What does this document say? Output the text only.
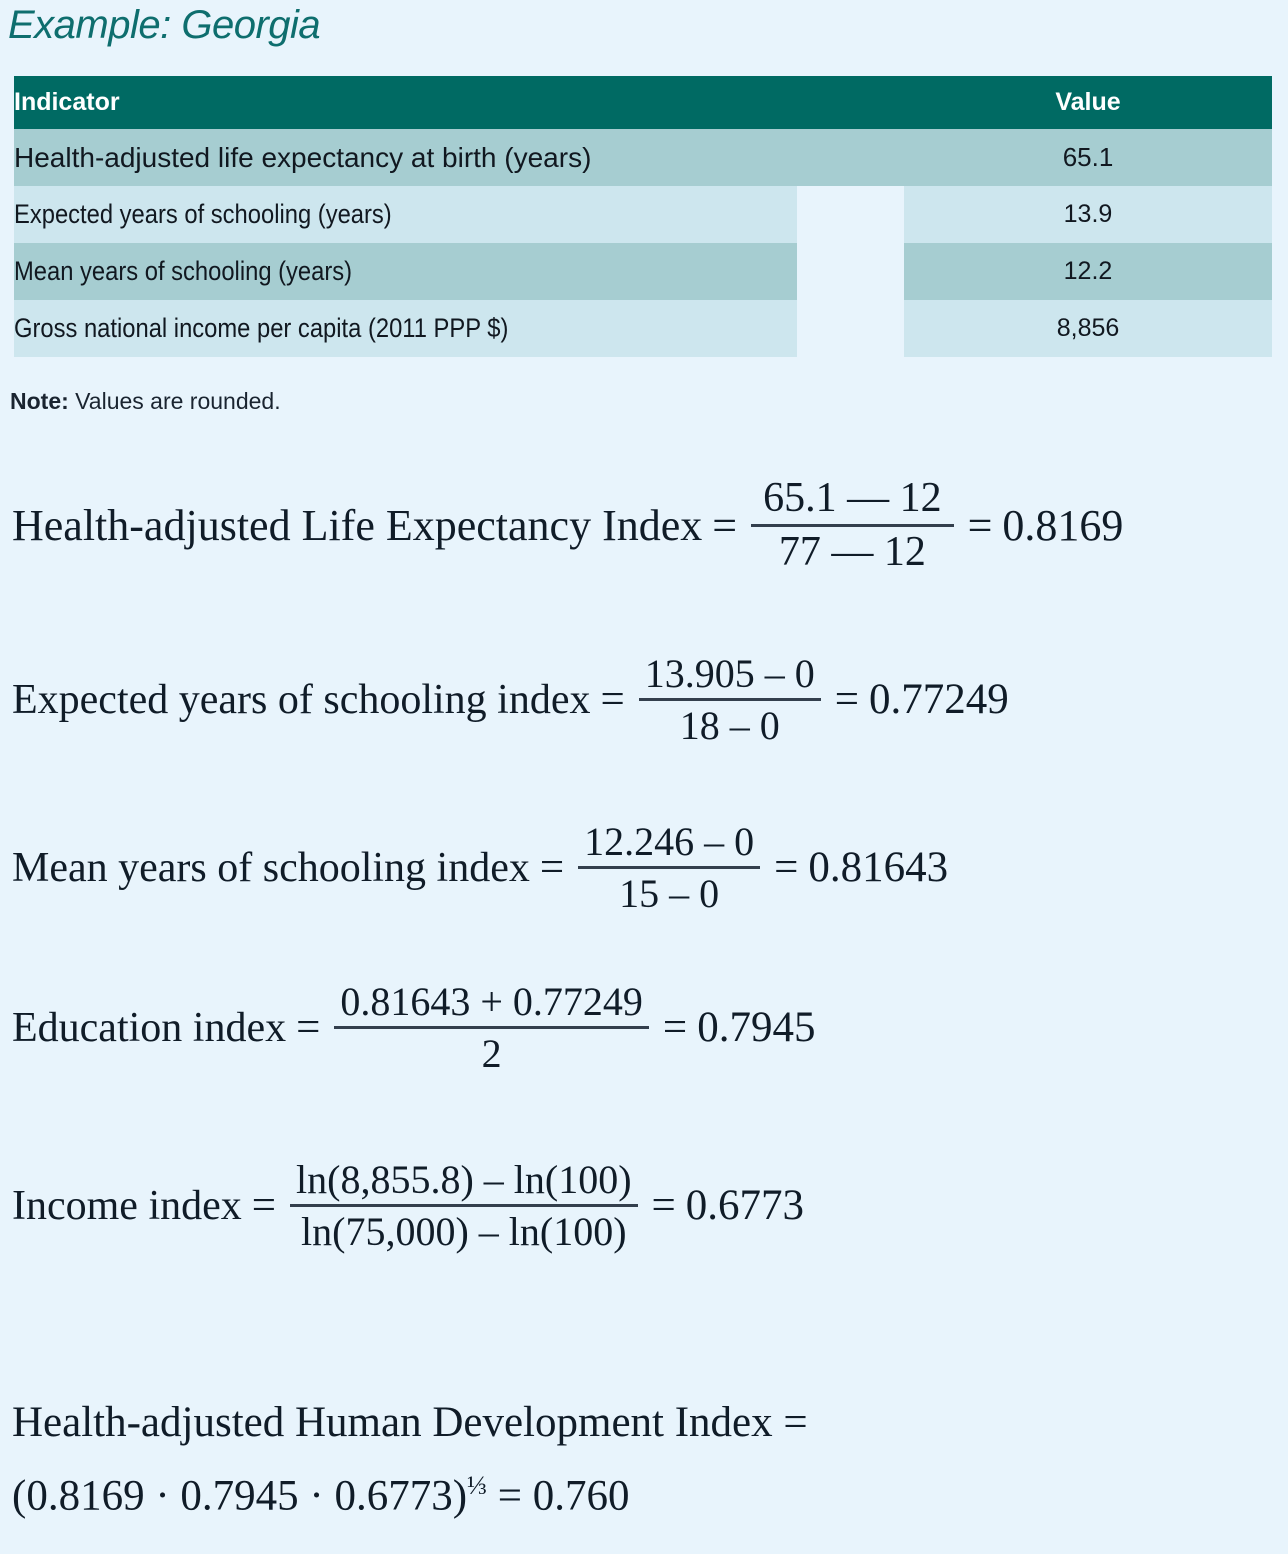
Example: Georgia
Indicator	Value
Health-adjusted life expectancy at birth (years)	65.1
Expected years of schooling (years)	13.9
Mean years of schooling (years)	12.2
Gross national income per capita (2011 PPP $)	8,856
Note: Values are rounded.
Health-adjusted Life Expectancy Index = $\frac{65.1 — 12}{77 — 12} = 0.8169$
Expected years of schooling index = $\frac{13.905 - 0}{18 - 0} = 0.77249$
Mean years of schooling index = $\frac{12.246 - 0}{15 - 0} = 0.81643$
Education index = $\frac{0.81643 + 0.77249}{2} = 0.7945$
Income index = $\frac{\ln(8,855.8) - \ln(100)}{\ln(75,000) - \ln(100)} = 0.6773$
Health-adjusted Human Development Index =
$(0.8169 \cdot 0.7945 \cdot 0.6773)^{\frac{1}{3}} = 0.760$
